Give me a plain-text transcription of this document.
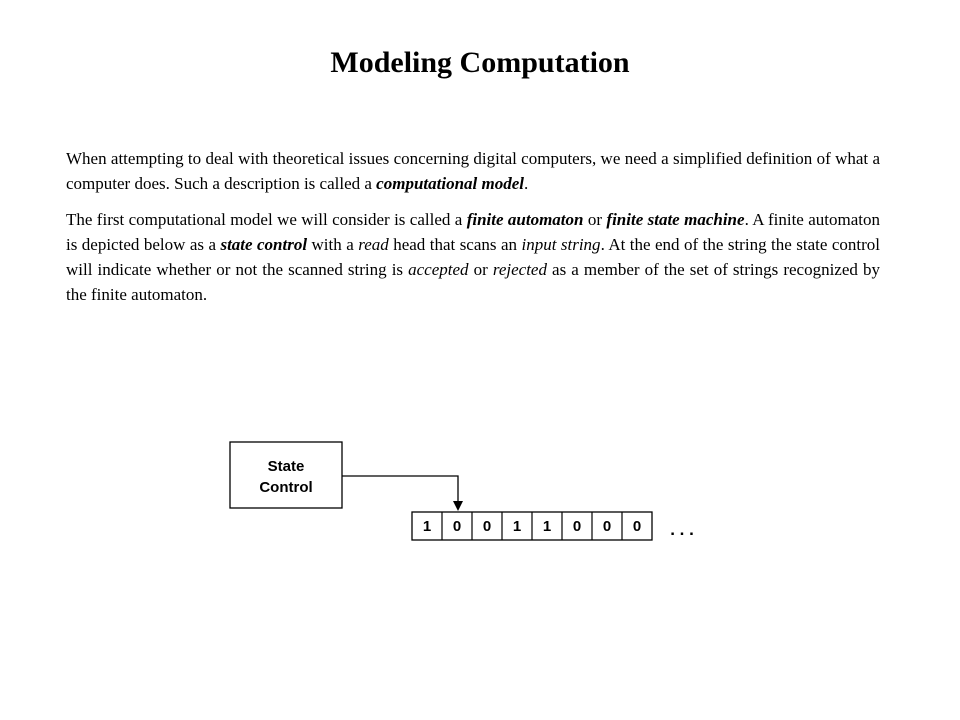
Modeling Computation

When attempting to deal with theoretical issues concerning digital computers, we need a simplified definition of what a computer does. Such a description is called a computational model.

The first computational model we will consider is called a finite automaton or finite state machine. A finite automaton is depicted below as a state control with a read head that scans an input string. At the end of the string the state control will indicate whether or not the scanned string is accepted or rejected as a member of the set of strings recognized by the finite automaton.

State
Control
1 0 0 1 1 0 0 0 . . .
